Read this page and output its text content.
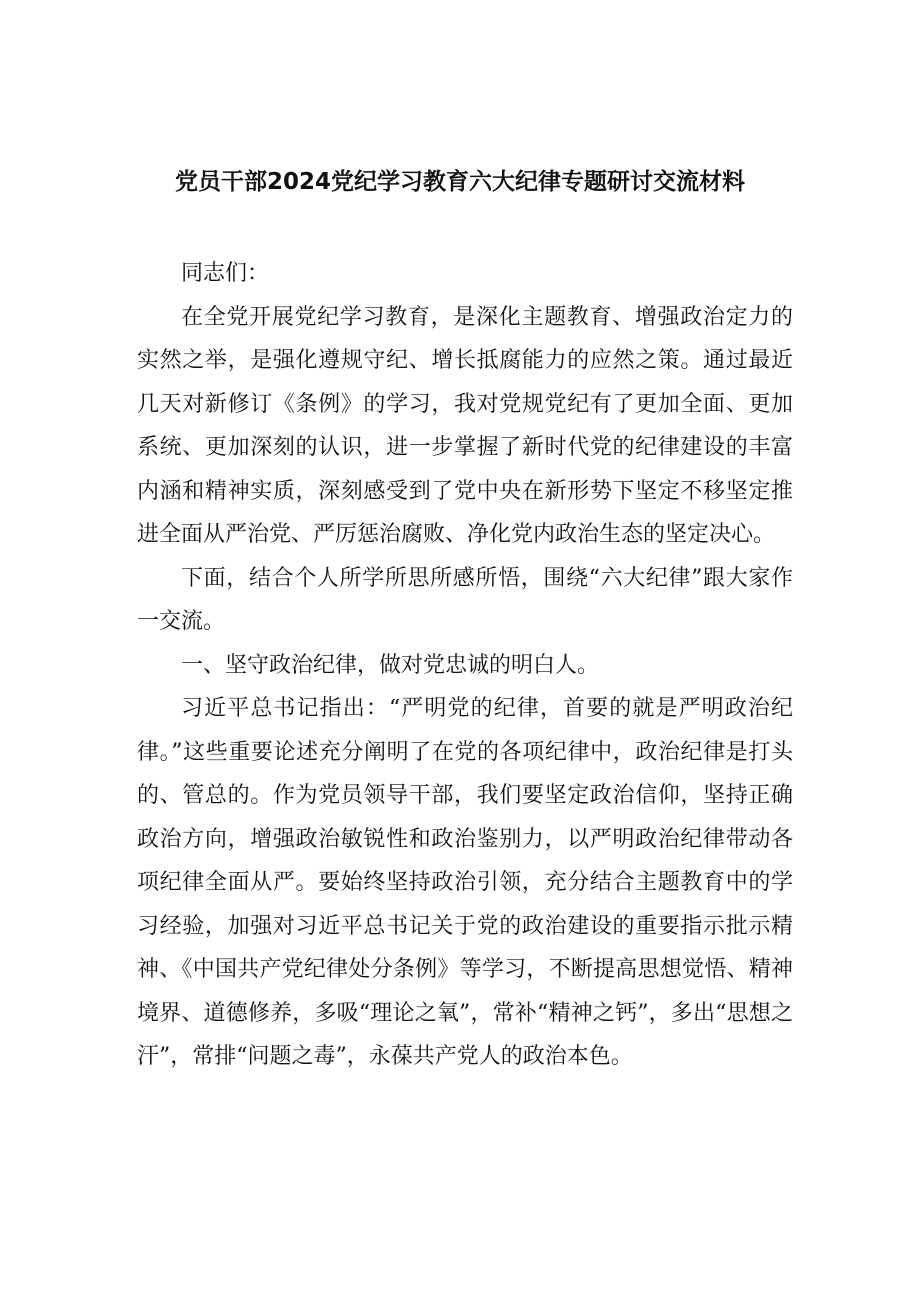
党员干部2024党纪学习教育六大纪律专题研讨交流材料

同志们：

在全党开展党纪学习教育，是深化主题教育、增强政治定力的实然之举，是强化遵规守纪、增长抵腐能力的应然之策。通过最近几天对新修订《条例》的学习，我对党规党纪有了更加全面、更加系统、更加深刻的认识，进一步掌握了新时代党的纪律建设的丰富内涵和精神实质，深刻感受到了党中央在新形势下坚定不移坚定推进全面从严治党、严厉惩治腐败、净化党内政治生态的坚定决心。

下面，结合个人所学所思所感所悟，围绕“六大纪律”跟大家作一交流。

一、坚守政治纪律，做对党忠诚的明白人。

习近平总书记指出：“严明党的纪律，首要的就是严明政治纪律。”这些重要论述充分阐明了在党的各项纪律中，政治纪律是打头的、管总的。作为党员领导干部，我们要坚定政治信仰，坚持正确政治方向，增强政治敏锐性和政治鉴别力，以严明政治纪律带动各项纪律全面从严。要始终坚持政治引领，充分结合主题教育中的学习经验，加强对习近平总书记关于党的政治建设的重要指示批示精神、《中国共产党纪律处分条例》等学习，不断提高思想觉悟、精神境界、道德修养，多吸“理论之氧”，常补“精神之钙”，多出“思想之汗”，常排“问题之毒”，永葆共产党人的政治本色。
